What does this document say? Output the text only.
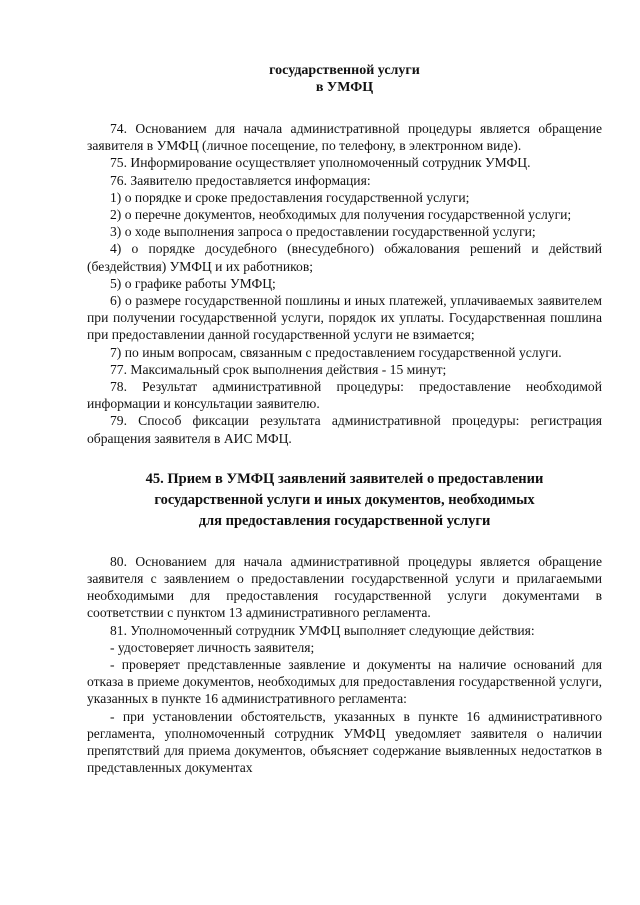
государственной услуги

в УМФЦ

74. Основанием для начала административной процедуры является обращение заявителя в УМФЦ (личное посещение, по телефону, в электронном виде).

75. Информирование осуществляет уполномоченный сотрудник УМФЦ.

76. Заявителю предоставляется информация:

1) о порядке и сроке предоставления государственной услуги;

2) о перечне документов, необходимых для получения государственной услуги;

3) о ходе выполнения запроса о предоставлении государственной услуги;

4) о порядке досудебного (внесудебного) обжалования решений и действий (бездействия) УМФЦ и их работников;

5) о графике работы УМФЦ;

6) о размере государственной пошлины и иных платежей, уплачиваемых заявителем при получении государственной услуги, порядок их уплаты. Государственная пошлина при предоставлении данной государственной услуги не взимается;

7) по иным вопросам, связанным с предоставлением государственной услуги.

77. Максимальный срок выполнения действия - 15 минут;

78. Результат административной процедуры: предоставление необходимой информации и консультации заявителю.

79. Способ фиксации результата административной процедуры: регистрация обращения заявителя в АИС МФЦ.

45. Прием в УМФЦ заявлений заявителей о предоставлении

государственной услуги и иных документов, необходимых

для предоставления государственной услуги

80. Основанием для начала административной процедуры является обращение заявителя с заявлением о предоставлении государственной услуги и прилагаемыми необходимыми для предоставления государственной услуги документами в соответствии с пунктом 13 административного регламента.

81. Уполномоченный сотрудник УМФЦ выполняет следующие действия:

- удостоверяет личность заявителя;

- проверяет представленные заявление и документы на наличие оснований для отказа в приеме документов, необходимых для предоставления государственной услуги, указанных в пункте 16 административного регламента:

- при установлении обстоятельств, указанных в пункте 16 административного регламента, уполномоченный сотрудник УМФЦ уведомляет заявителя о наличии препятствий для приема документов, объясняет содержание выявленных недостатков в представленных документах
